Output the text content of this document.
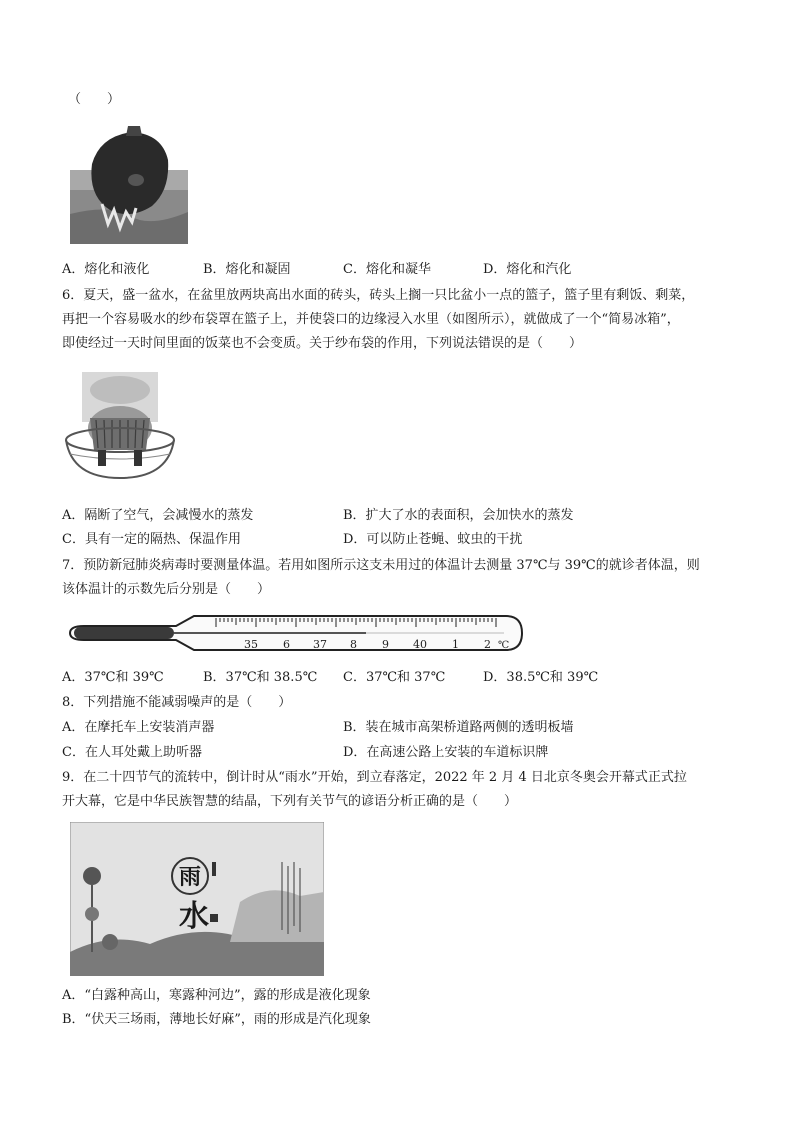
（　　）
A．熔化和液化	B．熔化和凝固	C．熔化和凝华	D．熔化和汽化
6．夏天，盛一盆水，在盆里放两块高出水面的砖头，砖头上搁一只比盆小一点的篮子，篮子里有剩饭、剩菜，
再把一个容易吸水的纱布袋罩在篮子上，并使袋口的边缘浸入水里（如图所示），就做成了一个“简易冰箱”，
即使经过一天时间里面的饭菜也不会变质。关于纱布袋的作用，下列说法错误的是（　　）
A．隔断了空气，会减慢水的蒸发	B．扩大了水的表面积，会加快水的蒸发
C．具有一定的隔热、保温作用	D．可以防止苍蝇、蚊虫的干扰
7．预防新冠肺炎病毒时要测量体温。若用如图所示这支未用过的体温计去测量 37℃与 39℃的就诊者体温，则
该体温计的示数先后分别是（　　）
35 6 37 8 9 40 1 2 ℃
A．37℃和 39℃	B．37℃和 38.5℃ C．37℃和 37℃	D．38.5℃和 39℃
8．下列措施不能减弱噪声的是（　　）
A．在摩托车上安装消声器	B．装在城市高架桥道路两侧的透明板墙
C．在人耳处戴上助听器	D．在高速公路上安装的车道标识牌
9．在二十四节气的流转中，倒计时从“雨水”开始，到立春落定，2022 年 2 月 4 日北京冬奥会开幕式正式拉
开大幕，它是中华民族智慧的结晶，下列有关节气的谚语分析正确的是（　　）
雨
水
A．“白露种高山，寒露种河边”，露的形成是液化现象
B．“伏天三场雨，薄地长好麻”，雨的形成是汽化现象
